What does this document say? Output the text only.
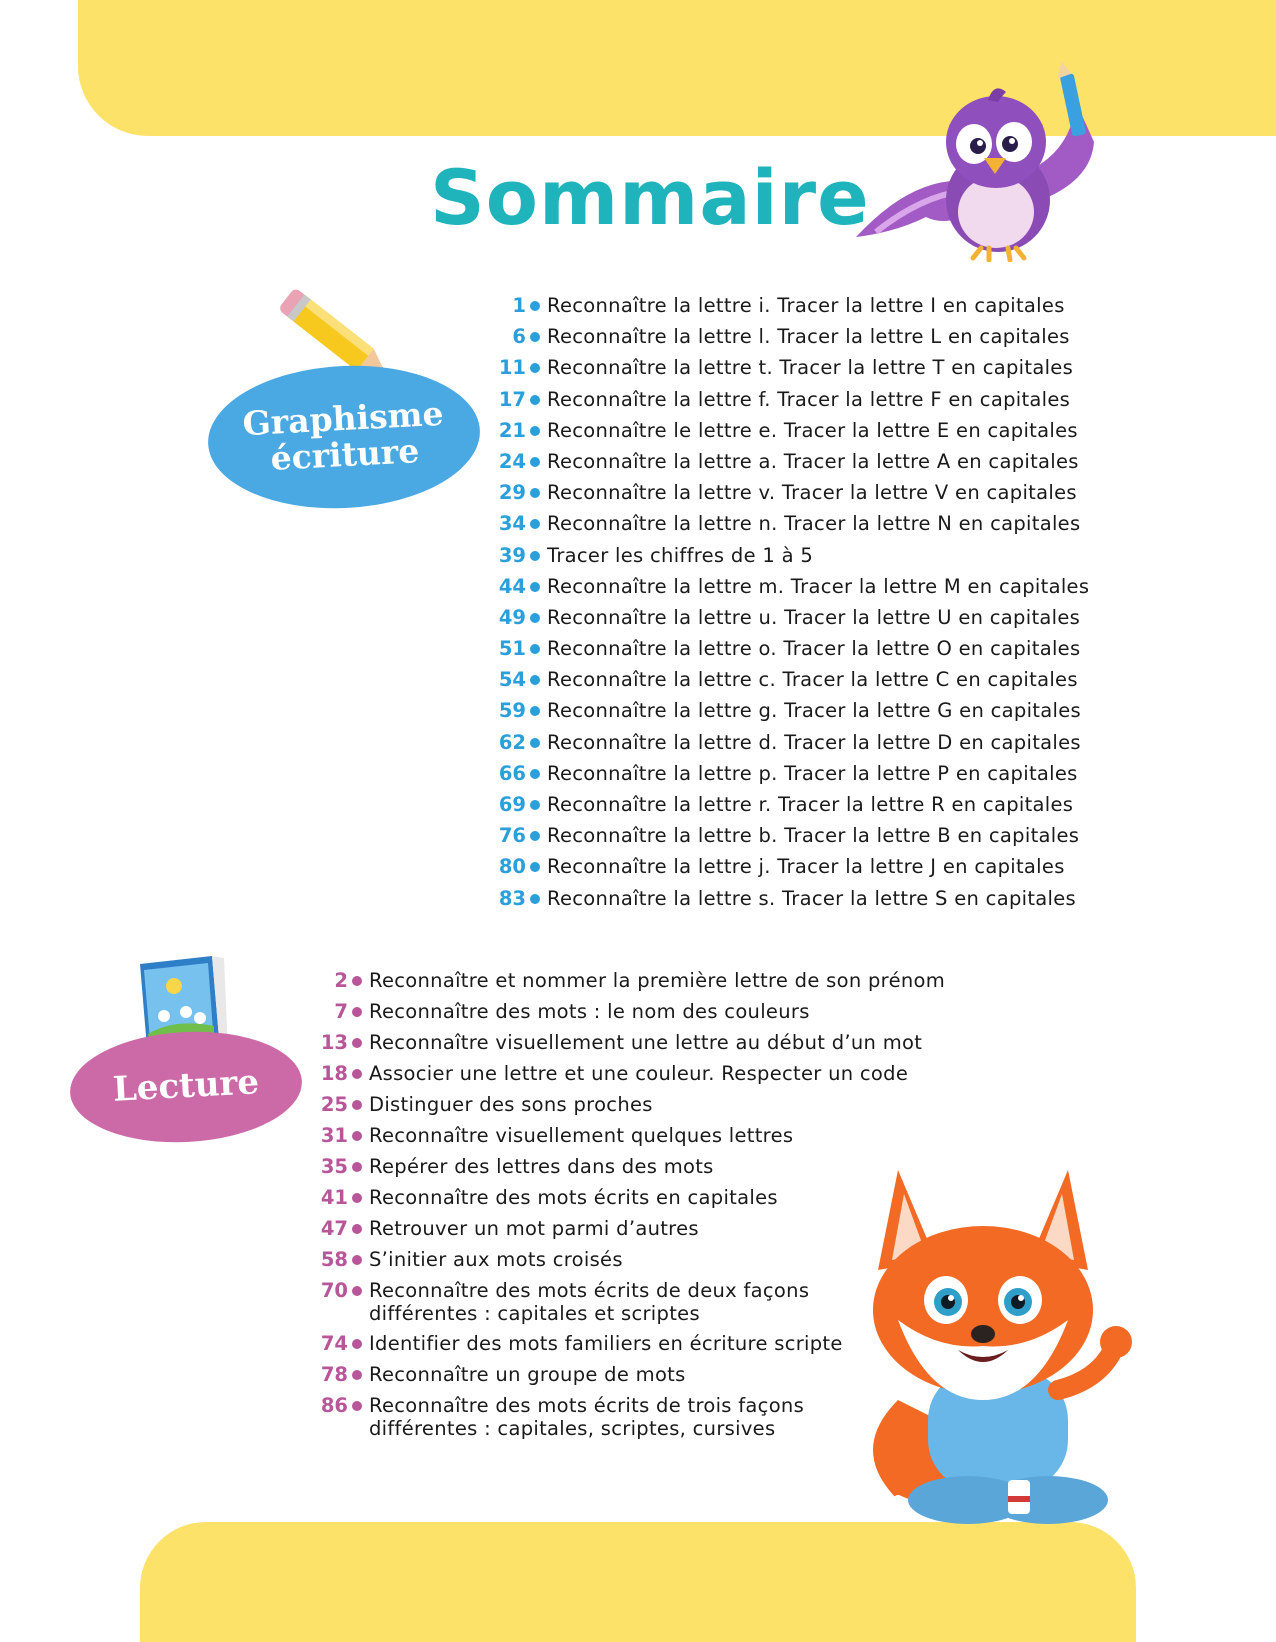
Sommaire
Graphisme
écriture
Lecture
1 Reconnaître la lettre i. Tracer la lettre I en capitales
6 Reconnaître la lettre l. Tracer la lettre L en capitales
11 Reconnaître la lettre t. Tracer la lettre T en capitales
17 Reconnaître la lettre f. Tracer la lettre F en capitales
21 Reconnaître le lettre e. Tracer la lettre E en capitales
24 Reconnaître la lettre a. Tracer la lettre A en capitales
29 Reconnaître la lettre v. Tracer la lettre V en capitales
34 Reconnaître la lettre n. Tracer la lettre N en capitales
39 Tracer les chiffres de 1 à 5
44 Reconnaître la lettre m. Tracer la lettre M en capitales
49 Reconnaître la lettre u. Tracer la lettre U en capitales
51 Reconnaître la lettre o. Tracer la lettre O en capitales
54 Reconnaître la lettre c. Tracer la lettre C en capitales
59 Reconnaître la lettre g. Tracer la lettre G en capitales
62 Reconnaître la lettre d. Tracer la lettre D en capitales
66 Reconnaître la lettre p. Tracer la lettre P en capitales
69 Reconnaître la lettre r. Tracer la lettre R en capitales
76 Reconnaître la lettre b. Tracer la lettre B en capitales
80 Reconnaître la lettre j. Tracer la lettre J en capitales
83 Reconnaître la lettre s. Tracer la lettre S en capitales
2 Reconnaître et nommer la première lettre de son prénom
7 Reconnaître des mots : le nom des couleurs
13 Reconnaître visuellement une lettre au début d’un mot
18 Associer une lettre et une couleur. Respecter un code
25 Distinguer des sons proches
31 Reconnaître visuellement quelques lettres
35 Repérer des lettres dans des mots
41 Reconnaître des mots écrits en capitales
47 Retrouver un mot parmi d’autres
58 S’initier aux mots croisés
70 Reconnaître des mots écrits de deux façons
différentes : capitales et scriptes
74 Identifier des mots familiers en écriture scripte
78 Reconnaître un groupe de mots
86 Reconnaître des mots écrits de trois façons
différentes : capitales, scriptes, cursives
